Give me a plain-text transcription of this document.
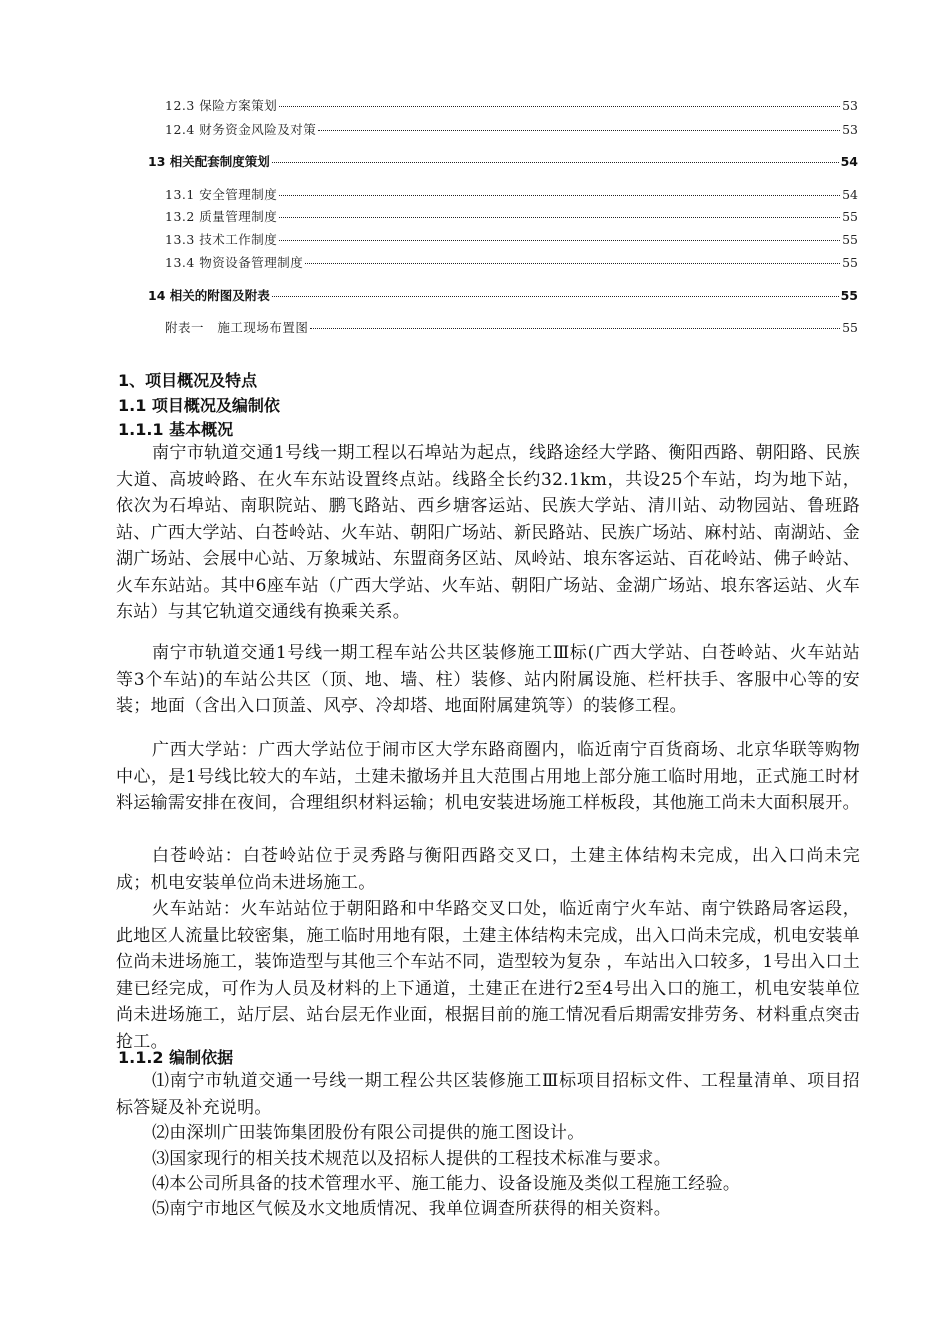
12.3 保险方案策划	53
12.4 财务资金风险及对策	53
13 相关配套制度策划	54
13.1 安全管理制度	54
13.2 质量管理制度	55
13.3 技术工作制度	55
13.4 物资设备管理制度	55
14 相关的附图及附表	55
附表一   施工现场布置图	55
1、项目概况及特点
1.1 项目概况及编制依
1.1.1 基本概况

南宁市轨道交通1号线一期工程以石埠站为起点，线路途经大学路、衡阳西路、朝阳路、民族大道、高坡岭路、在火车东站设置终点站。线路全长约32.1km，共设25个车站，均为地下站，依次为石埠站、南职院站、鹏飞路站、西乡塘客运站、民族大学站、清川站、动物园站、鲁班路站、广西大学站、白苍岭站、火车站、朝阳广场站、新民路站、民族广场站、麻村站、南湖站、金湖广场站、会展中心站、万象城站、东盟商务区站、凤岭站、埌东客运站、百花岭站、佛子岭站、火车东站站。其中6座车站（广西大学站、火车站、朝阳广场站、金湖广场站、埌东客运站、火车东站）与其它轨道交通线有换乘关系。

南宁市轨道交通1号线一期工程车站公共区装修施工Ⅲ标(广西大学站、白苍岭站、火车站站等3个车站)的车站公共区（顶、地、墙、柱）装修、站内附属设施、栏杆扶手、客服中心等的安装；地面（含出入口顶盖、风亭、冷却塔、地面附属建筑等）的装修工程。

广西大学站：广西大学站位于闹市区大学东路商圈内，临近南宁百货商场、北京华联等购物中心，是1号线比较大的车站，土建未撤场并且大范围占用地上部分施工临时用地，正式施工时材料运输需安排在夜间，合理组织材料运输；机电安装进场施工样板段，其他施工尚未大面积展开。

白苍岭站：白苍岭站位于灵秀路与衡阳西路交叉口，土建主体结构未完成，出入口尚未完成；机电安装单位尚未进场施工。

火车站站：火车站站位于朝阳路和中华路交叉口处，临近南宁火车站、南宁铁路局客运段，此地区人流量比较密集，施工临时用地有限，土建主体结构未完成，出入口尚未完成，机电安装单位尚未进场施工，装饰造型与其他三个车站不同，造型较为复杂 ，车站出入口较多，1号出入口土建已经完成，可作为人员及材料的上下通道，土建正在进行2至4号出入口的施工，机电安装单位尚未进场施工，站厅层、站台层无作业面，根据目前的施工情况看后期需安排劳务、材料重点突击抢工。

1.1.2 编制依据

⑴南宁市轨道交通一号线一期工程公共区装修施工Ⅲ标项目招标文件、工程量清单、项目招标答疑及补充说明。

⑵由深圳广田装饰集团股份有限公司提供的施工图设计。

⑶国家现行的相关技术规范以及招标人提供的工程技术标准与要求。

⑷本公司所具备的技术管理水平、施工能力、设备设施及类似工程施工经验。

⑸南宁市地区气候及水文地质情况、我单位调查所获得的相关资料。
